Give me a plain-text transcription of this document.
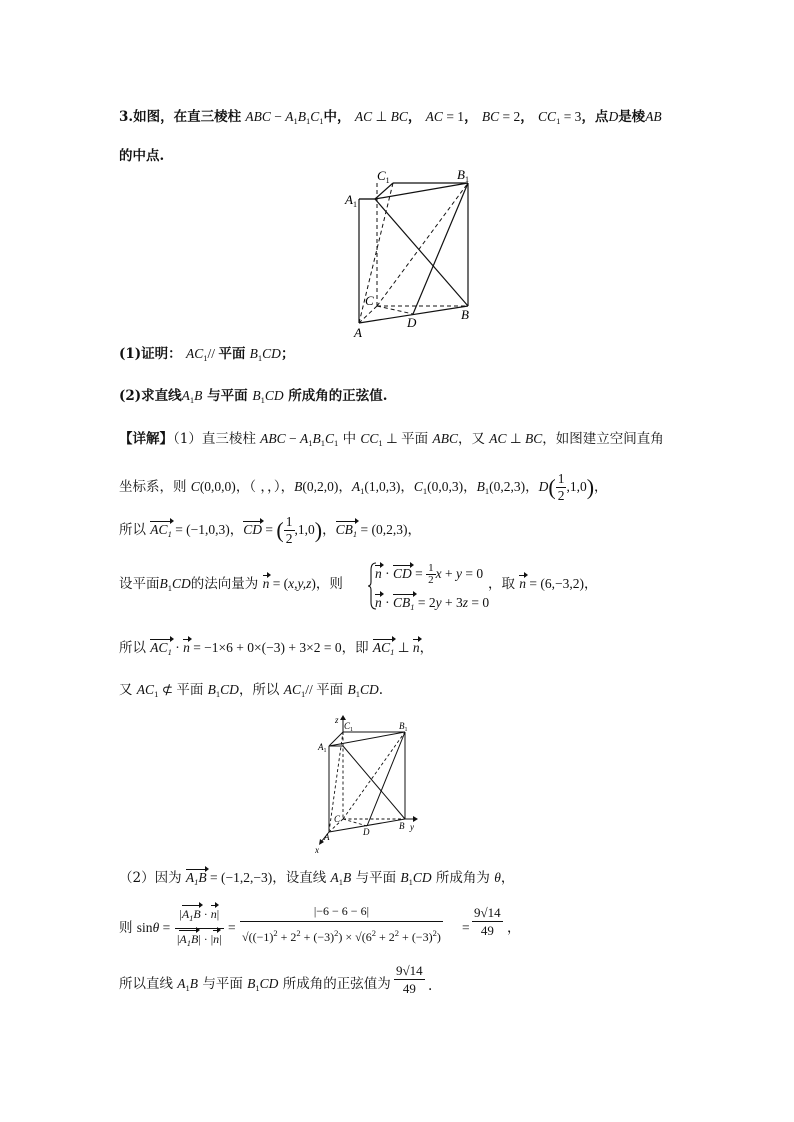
3.如图，在直三棱柱 ABC − $A_1B_1C_1$中， AC ⊥ BC， AC = 1， BC = 2， $CC_1 = 3$，点D是棱AB
的中点.
$C_1$	$B_1$
$A_1$
C
A
D
B
(1)证明： $AC_1//$ 平面 $B_1CD$；
(2)求直线$A_1B$ 与平面 $B_1CD$ 所成角的正弦值.
【详解】（1）直三棱柱 ABC − $A_1B_1C_1$ 中 $CC_1$ ⊥ 平面 ABC，又 AC ⊥ BC，如图建立空间直角
坐标系，则 C(0,0,0)，（ ，，），B(0,2,0)，$A_1(1,0,3)$，$C_1(0,0,3)$，$B_1(0,2,3)$，$D( \frac{1}{2} ,1,0)$，
所以 $AC_1 = (-1,0,3)$，CD = ( $\frac{1}{2} ,1,0$)，$CB_1 = (0,2,3)$，
设平面$B_1CD$的法向量为 n = (x,y,z)，则
n · CD = $\frac{1}{2}$ x + y = 0
$n \cdot CB_1 = 2y + 3z = 0$
，取 n = (6,−3,2)，
所以 $AC_1 \cdot n = -1\times 6 + 0\times(-3) + 3\times 2 = 0$，即 $AC_1$ ⊥ n，
又 $AC_1$ ⊄ 平面 $B_1CD$，所以 $AC_1//$ 平面 $B_1CD$.
z
y
x
$C_1$	$B_1$
$A_1$
C
A	D
B
（2）因为 $A_1B = (-1,2,-3)$，设直线 $A_1B$ 与平面 $B_1CD$ 所成角为 θ，
则 sinθ =
$|A_1B \cdot n|$
$|A_1B| \cdot |n|$
=
|−6 − 6 − 6|
$√((-1)^2 + 2^2 + (-3)^2) \times √(6^2 + 2^2 + (-3)^2)$
=
9√14
49 ，
所以直线 $A_1B$ 与平面 $B_1CD$ 所成角的正弦值为
9√14
49 .
